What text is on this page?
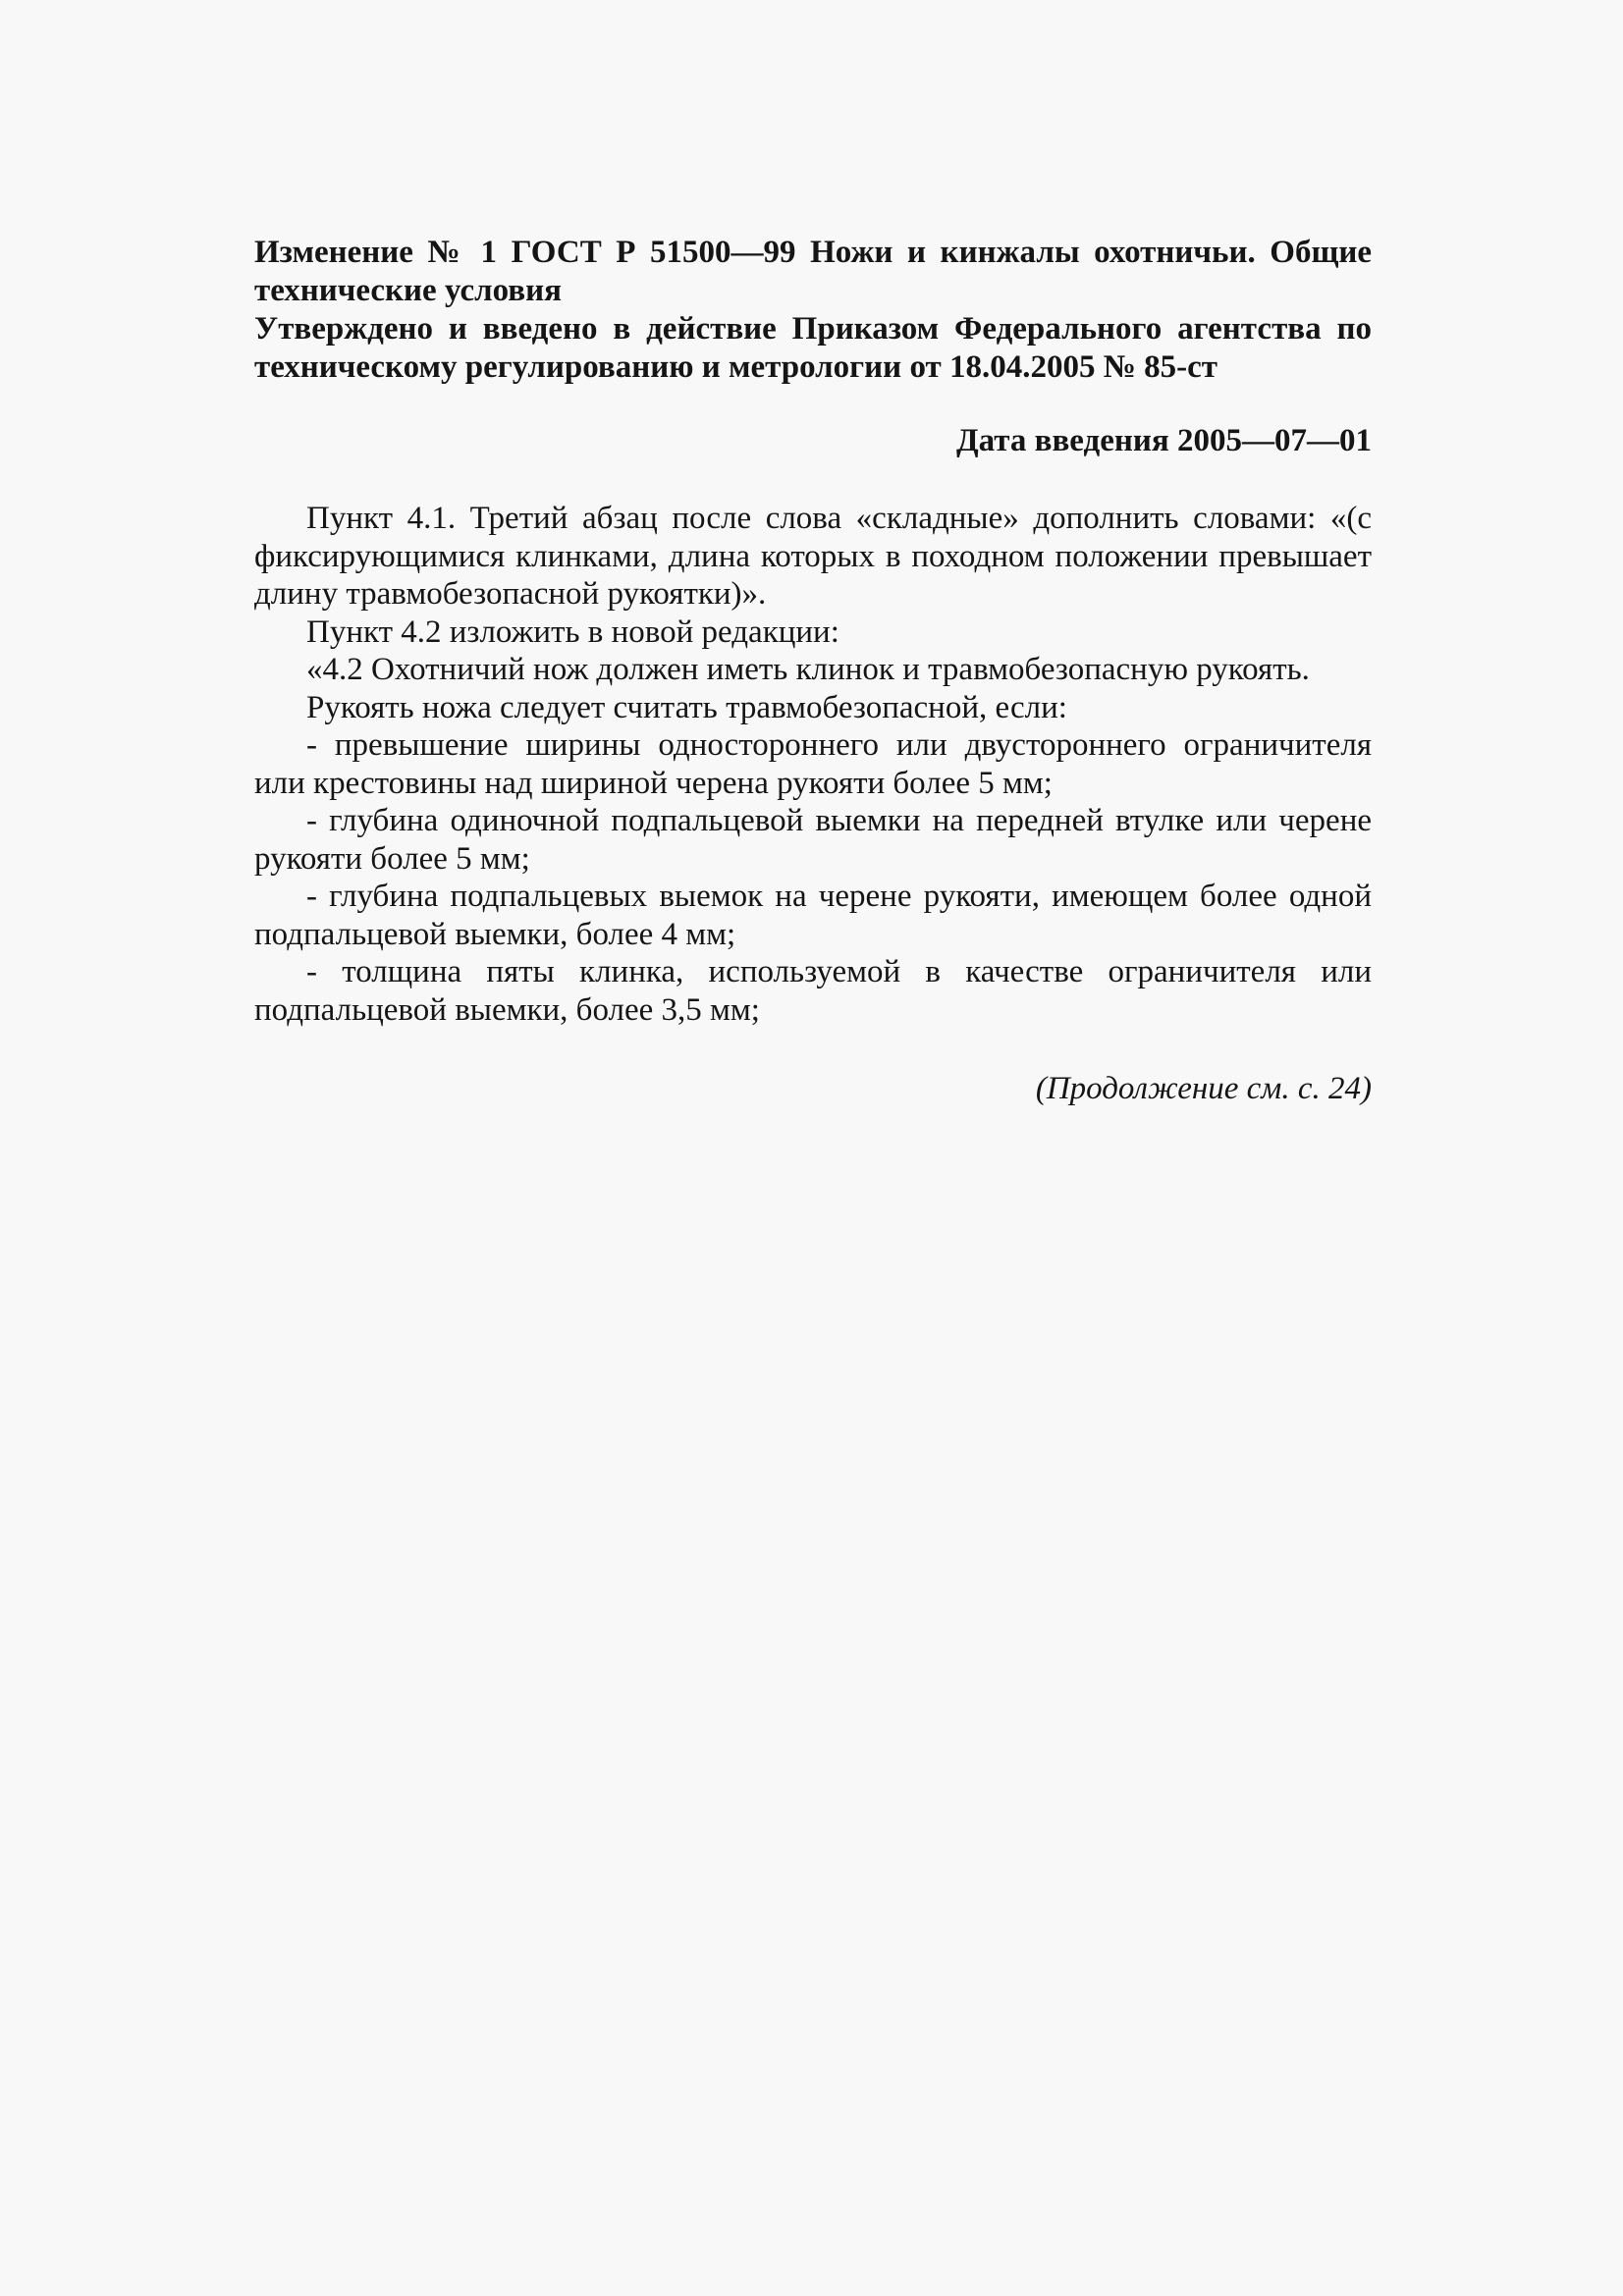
Изменение № 1 ГОСТ Р 51500—99 Ножи и кинжалы охотничьи. Общие технические условия

Утверждено и введено в действие Приказом Федерального агентства по техническому регулированию и метрологии от 18.04.2005 № 85-ст

Дата введения 2005—07—01

Пункт 4.1. Третий абзац после слова «складные» дополнить словами: «(с фиксирующимися клинками, длина которых в походном положении превышает длину травмобезопасной рукоятки)».

Пункт 4.2 изложить в новой редакции:

«4.2 Охотничий нож должен иметь клинок и травмобезопасную рукоять.

Рукоять ножа следует считать травмобезопасной, если:

- превышение ширины одностороннего или двустороннего ограничителя или крестовины над шириной черена рукояти более 5 мм;

- глубина одиночной подпальцевой выемки на передней втулке или черене рукояти более 5 мм;

- глубина подпальцевых выемок на черене рукояти, имеющем более одной подпальцевой выемки, более 4 мм;

- толщина пяты клинка, используемой в качестве ограничителя или подпальцевой выемки, более 3,5 мм;

(Продолжение см. с. 24)
